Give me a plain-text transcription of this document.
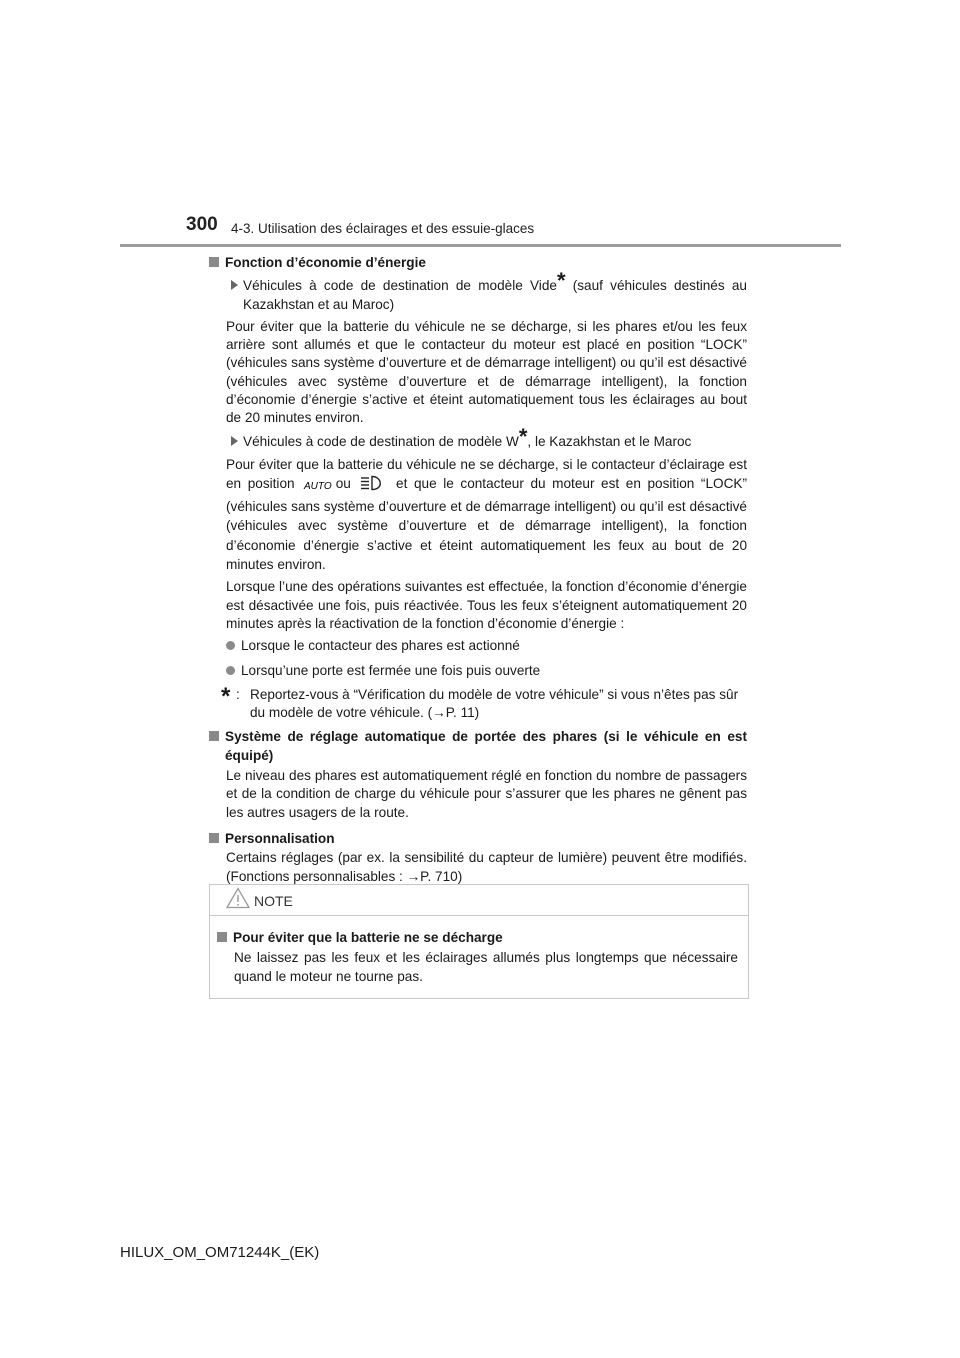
300 4-3. Utilisation des éclairages et des essuie-glaces
Fonction d’économie d’énergie
Véhicules à code de destination de modèle Vide* (sauf véhicules destinés au Kazakhstan et au Maroc)
Pour éviter que la batterie du véhicule ne se décharge, si les phares et/ou les feux arrière sont allumés et que le contacteur du moteur est placé en position “LOCK” (véhicules sans système d’ouverture et de démarrage intelligent) ou qu’il est désactivé (véhicules avec système d’ouverture et de démarrage intelligent), la fonction d’économie d’énergie s’active et éteint automatiquement tous les éclairages au bout de 20 minutes environ.
Véhicules à code de destination de modèle W*, le Kazakhstan et le Maroc
Pour éviter que la batterie du véhicule ne se décharge, si le contacteur d’éclairage est en position AUTO
ou  et que le contacteur du moteur est en position “LOCK” (véhicules sans système d’ouverture et de démarrage intelligent) ou qu’il est désactivé (véhicules avec système d’ouverture et de démarrage intelligent), la fonction d’économie d’énergie s’active et éteint automatiquement les feux au bout de 20 minutes environ.
Lorsque l’une des opérations suivantes est effectuée, la fonction d’économie d’énergie est désactivée une fois, puis réactivée. Tous les feux s’éteignent automatiquement 20 minutes après la réactivation de la fonction d’économie d’énergie :
Lorsque le contacteur des phares est actionné
Lorsqu’une porte est fermée une fois puis ouverte
* : Reportez-vous à “Vérification du modèle de votre véhicule” si vous n’êtes pas sûr du modèle de votre véhicule. (→P. 11)
Système de réglage automatique de portée des phares (si le véhicule en est équipé)
Le niveau des phares est automatiquement réglé en fonction du nombre de passagers et de la condition de charge du véhicule pour s’assurer que les phares ne gênent pas les autres usagers de la route.
Personnalisation
Certains réglages (par ex. la sensibilité du capteur de lumière) peuvent être modifiés. (Fonctions personnalisables : →P. 710)
NOTE
Pour éviter que la batterie ne se décharge
Ne laissez pas les feux et les éclairages allumés plus longtemps que nécessaire quand le moteur ne tourne pas.
HILUX_OM_OM71244K_(EK)
